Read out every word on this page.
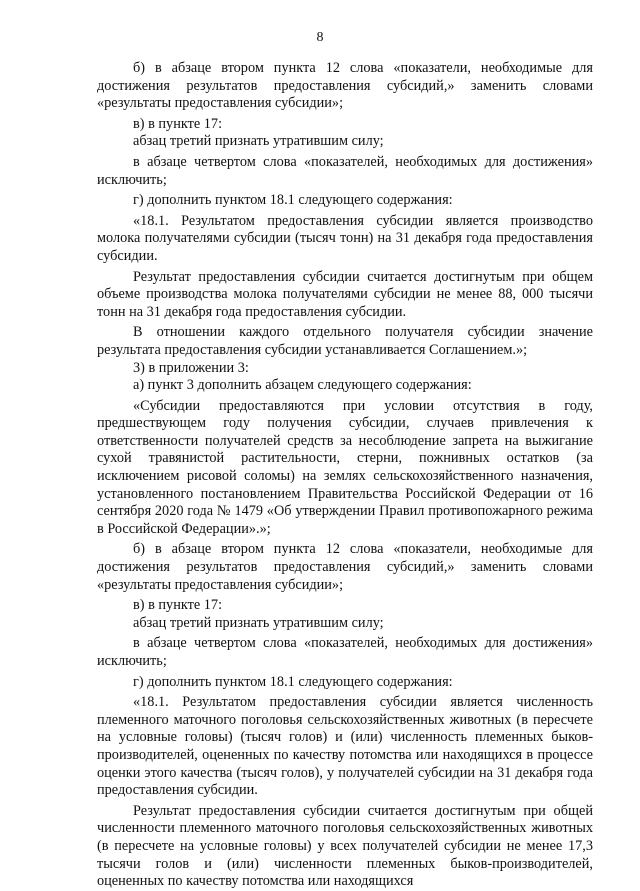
8

б) в абзаце втором пункта 12 слова «показатели, необходимые для достижения результатов предоставления субсидий,» заменить словами «результаты предоставления субсидии»;

в) в пункте 17:

абзац третий признать утратившим силу;

в абзаце четвертом слова «показателей, необходимых для достижения» исключить;

г) дополнить пунктом 18.1 следующего содержания:

«18.1. Результатом предоставления субсидии является производство молока получателями субсидии (тысяч тонн) на 31 декабря года предоставления субсидии.

Результат предоставления субсидии считается достигнутым при общем объеме производства молока получателями субсидии не менее 88, 000 тысячи тонн на 31 декабря года предоставления субсидии.

В отношении каждого отдельного получателя субсидии значение результата предоставления субсидии устанавливается Соглашением.»;

3) в приложении 3:

а) пункт 3 дополнить абзацем следующего содержания:

«Субсидии предоставляются при условии отсутствия в году, предшествующем году получения субсидии, случаев привлечения к ответственности получателей средств за несоблюдение запрета на выжигание сухой травянистой растительности, стерни, пожнивных остатков (за исключением рисовой соломы) на землях сельскохозяйственного назначения, установленного постановлением Правительства Российской Федерации от 16 сентября 2020 года № 1479 «Об утверждении Правил противопожарного режима в Российской Федерации».»;

б) в абзаце втором пункта 12 слова «показатели, необходимые для достижения результатов предоставления субсидий,» заменить словами «результаты предоставления субсидии»;

в) в пункте 17:

абзац третий признать утратившим силу;

в абзаце четвертом слова «показателей, необходимых для достижения» исключить;

г) дополнить пунктом 18.1 следующего содержания:

«18.1. Результатом предоставления субсидии является численность племенного маточного поголовья сельскохозяйственных животных (в пересчете на условные головы) (тысяч голов) и (или) численность племенных быков-производителей, оцененных по качеству потомства или находящихся в процессе оценки этого качества (тысяч голов), у получателей субсидии на 31 декабря года предоставления субсидии.

Результат предоставления субсидии считается достигнутым при общей численности племенного маточного поголовья сельскохозяйственных животных (в пересчете на условные головы) у всех получателей субсидии не менее 17,3 тысячи голов и (или) численности племенных быков-производителей, оцененных по качеству потомства или находящихся
